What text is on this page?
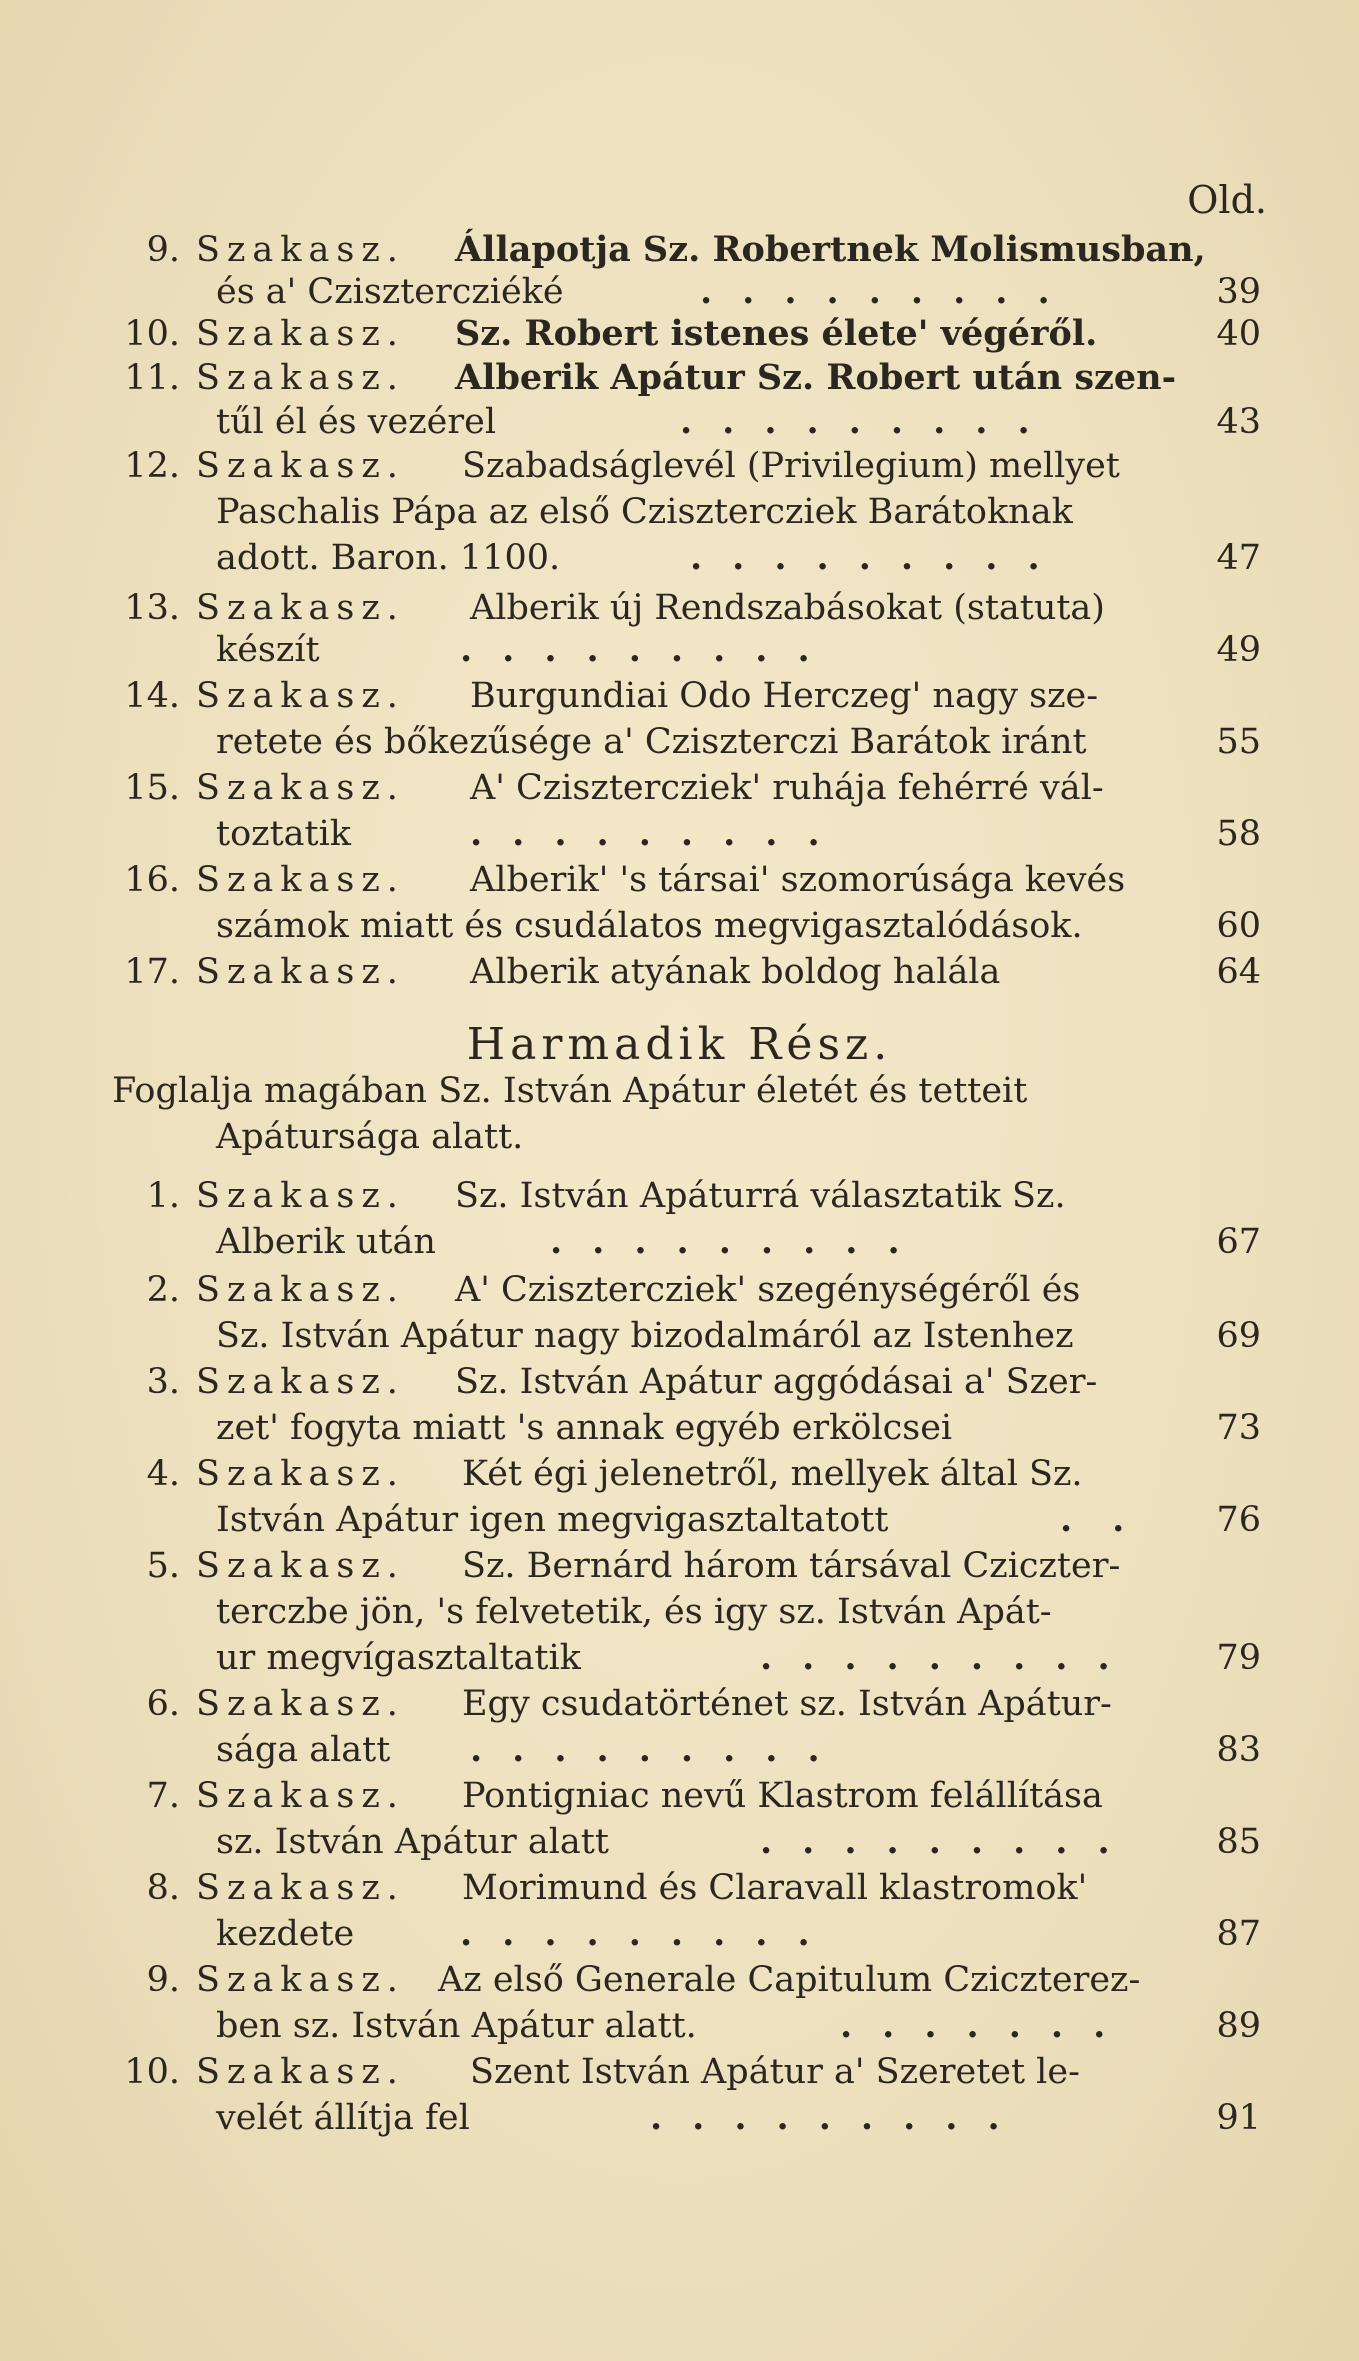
Old.
9. Szakasz. Állapotja Sz. Robertnek Molismusban,
és a' Czisztercziéké	.........	39
10. Szakasz. Sz. Robert istenes élete' végéről.	40
11. Szakasz. Alberik Apátur Sz. Robert után szen-
tűl él és vezérel	.........	43
12. Szakasz. Szabadságlevél (Privilegium) mellyet
Paschalis Pápa az első Czisztercziek Barátoknak
adott. Baron. 1100.	.........	47
13. Szakasz. Alberik új Rendszabásokat (statuta)
készít	.........	49
14. Szakasz. Burgundiai Odo Herczeg' nagy sze-
retete és bőkezűsége a' Cziszterczi Barátok iránt	55
15. Szakasz. A' Czisztercziek' ruhája fehérré vál-
toztatik	.........	58
16. Szakasz. Alberik' 's társai' szomorúsága kevés
számok miatt és csudálatos megvigasztalódások.	60
17. Szakasz. Alberik atyának boldog halála	64
Harmadik Rész.
Foglalja magában Sz. István Apátur életét és tetteit
Apátursága alatt.
1. Szakasz. Sz. István Apáturrá választatik Sz.
Alberik után	.........	67
2. Szakasz. A' Czisztercziek' szegénységéről és
Sz. István Apátur nagy bizodalmáról az Istenhez	69
3. Szakasz. Sz. István Apátur aggódásai a' Szer-
zet' fogyta miatt 's annak egyéb erkölcsei	73
4. Szakasz. Két égi jelenetről, mellyek által Sz.
István Apátur igen megvigasztaltatott	..	76
5. Szakasz. Sz. Bernárd három társával Cziczter-
terczbe jön, 's felvetetik, és igy sz. István Apát-
ur megvígasztaltatik	.........	79
6. Szakasz. Egy csudatörténet sz. István Apátur-
sága alatt .........	83
7. Szakasz. Pontigniac nevű Klastrom felállítása
sz. István Apátur alatt	.........	85
8. Szakasz. Morimund és Claravall klastromok'
kezdete	.........	87
9. Szakasz. Az első Generale Capitulum Cziczterez-
ben sz. István Apátur alatt.	.......	89
10. Szakasz. Szent István Apátur a' Szeretet le-
velét állítja fel	.........	91
